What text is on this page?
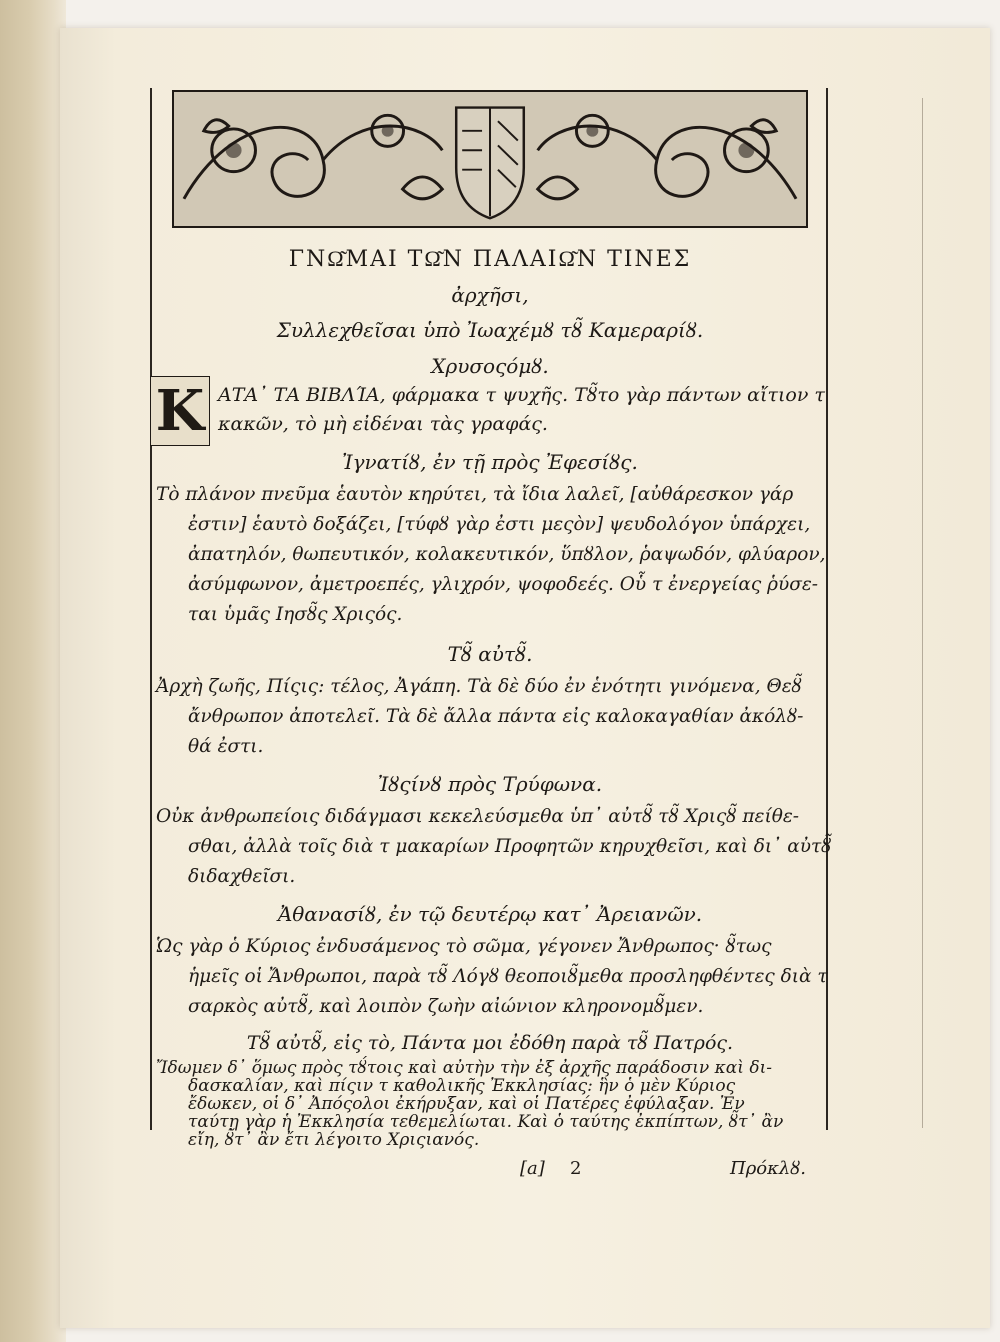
ΓΝΩ͂ΜΑΙ ΤΩ͂Ν ΠΑΛΑΙΩ͂Ν ΤΙΝΕΣ
ἀρχῆσι,
Συλλεχθεῖσαι ὑπὸ Ἰωαχέμȣ τȣ̃ Καμεραρίȣ.
Χρυσοςόμȣ.
Κ ΑΤΑ᾽ ΤΑ ΒΙΒΛΊΑ, φάρμακα τ ψυχῆς. Τȣ̃το γὰρ πάντων αἴτιον τ
κακῶν, τὸ μὴ εἰδέναι τὰς γραφάς.
Ἰγνατίȣ, ἐν τῇ πρὸς Ἐφεσίȣς.
Τὸ πλάνον πνεῦμα ἑαυτὸν κηρύτει, τὰ ἴδια λαλεῖ, [αὐθάρεσκον γάρ
ἐστιν] ἑαυτὸ δοξάζει, [τύφȣ γὰρ ἐστι μεςὸν] ψευδολόγον ὑπάρχει,
ἀπατηλόν, θωπευτικόν, κολακευτικόν, ὕπȣλον, ῥαψωδόν, φλύαρον,
ἀσύμφωνον, ἀμετροεπές, γλιχρόν, ψοφοδεές. Οὗ τ ἐνεργείας ῥύσε-
ται ὑμᾶς Ιησȣ̃ς Χριςός.
Τȣ̃ αὐτȣ̃.
Ἀρχὴ ζωῆς, Πίςις: τέλος, Ἀγάπη. Τὰ δὲ δύο ἐν ἑνότητι γινόμενα, Θεȣ̃
ἄνθρωπον ἀποτελεῖ. Τὰ δὲ ἄλλα πάντα εἰς καλοκαγαθίαν ἀκόλȣ-
θά ἐστι.
Ἰȣςίνȣ πρὸς Τρύφωνα.
Οὐκ ἀνθρωπείοις διδάγμασι κεκελεύσμεθα ὑπ᾽ αὐτȣ̃ τȣ̃ Χριςȣ̃ πείθε-
σθαι, ἀλλὰ τοῖς διὰ τ μακαρίων Προφητῶν κηρυχθεῖσι, καὶ δι᾽ αὐτȣ̃
διδαχθεῖσι.
Ἀθανασίȣ, ἐν τῷ δευτέρῳ κατ᾽ Ἀρειανῶν.
Ὡς γὰρ ὁ Κύριος ἐνδυσάμενος τὸ σῶμα, γέγονεν Ἄνθρωπος· ȣ̃τως
ἡμεῖς οἱ Ἄνθρωποι, παρὰ τȣ̃ Λόγȣ θεοποιȣ̃μεθα προσληφθέντες διὰ τ
σαρκὸς αὐτȣ̃, καὶ λοιπὸν ζωὴν αἰώνιον κληρονομȣ̃μεν.
Τȣ̃ αὐτȣ̃, εἰς τὸ, Πάντα μοι ἐδόθη παρὰ τȣ̃ Πατρός.
Ἴδωμεν δ᾽ ὅμως πρὸς τȣ́τοις καὶ αὐτὴν τὴν ἐξ ἀρχῆς παράδοσιν καὶ δι-
δασκαλίαν, καὶ πίςιν τ καθολικῆς Ἐκκλησίας: ἣν ὁ μὲν Κύριος
ἔδωκεν, οἱ δ᾽ Ἀπόςολοι ἐκήρυξαν, καὶ οἱ Πατέρες ἐφύλαξαν. Ἐν
ταύτῃ γὰρ ἡ Ἐκκλησία τεθεμελίωται. Καὶ ὁ ταύτης ἐκπίπτων, ȣ̃τ᾽ ἂν
εἴη, ȣ̃τ᾽ ἂν ἔτι λέγοιτο Χριςιανός.
[a] 2	Πρόκλȣ.
